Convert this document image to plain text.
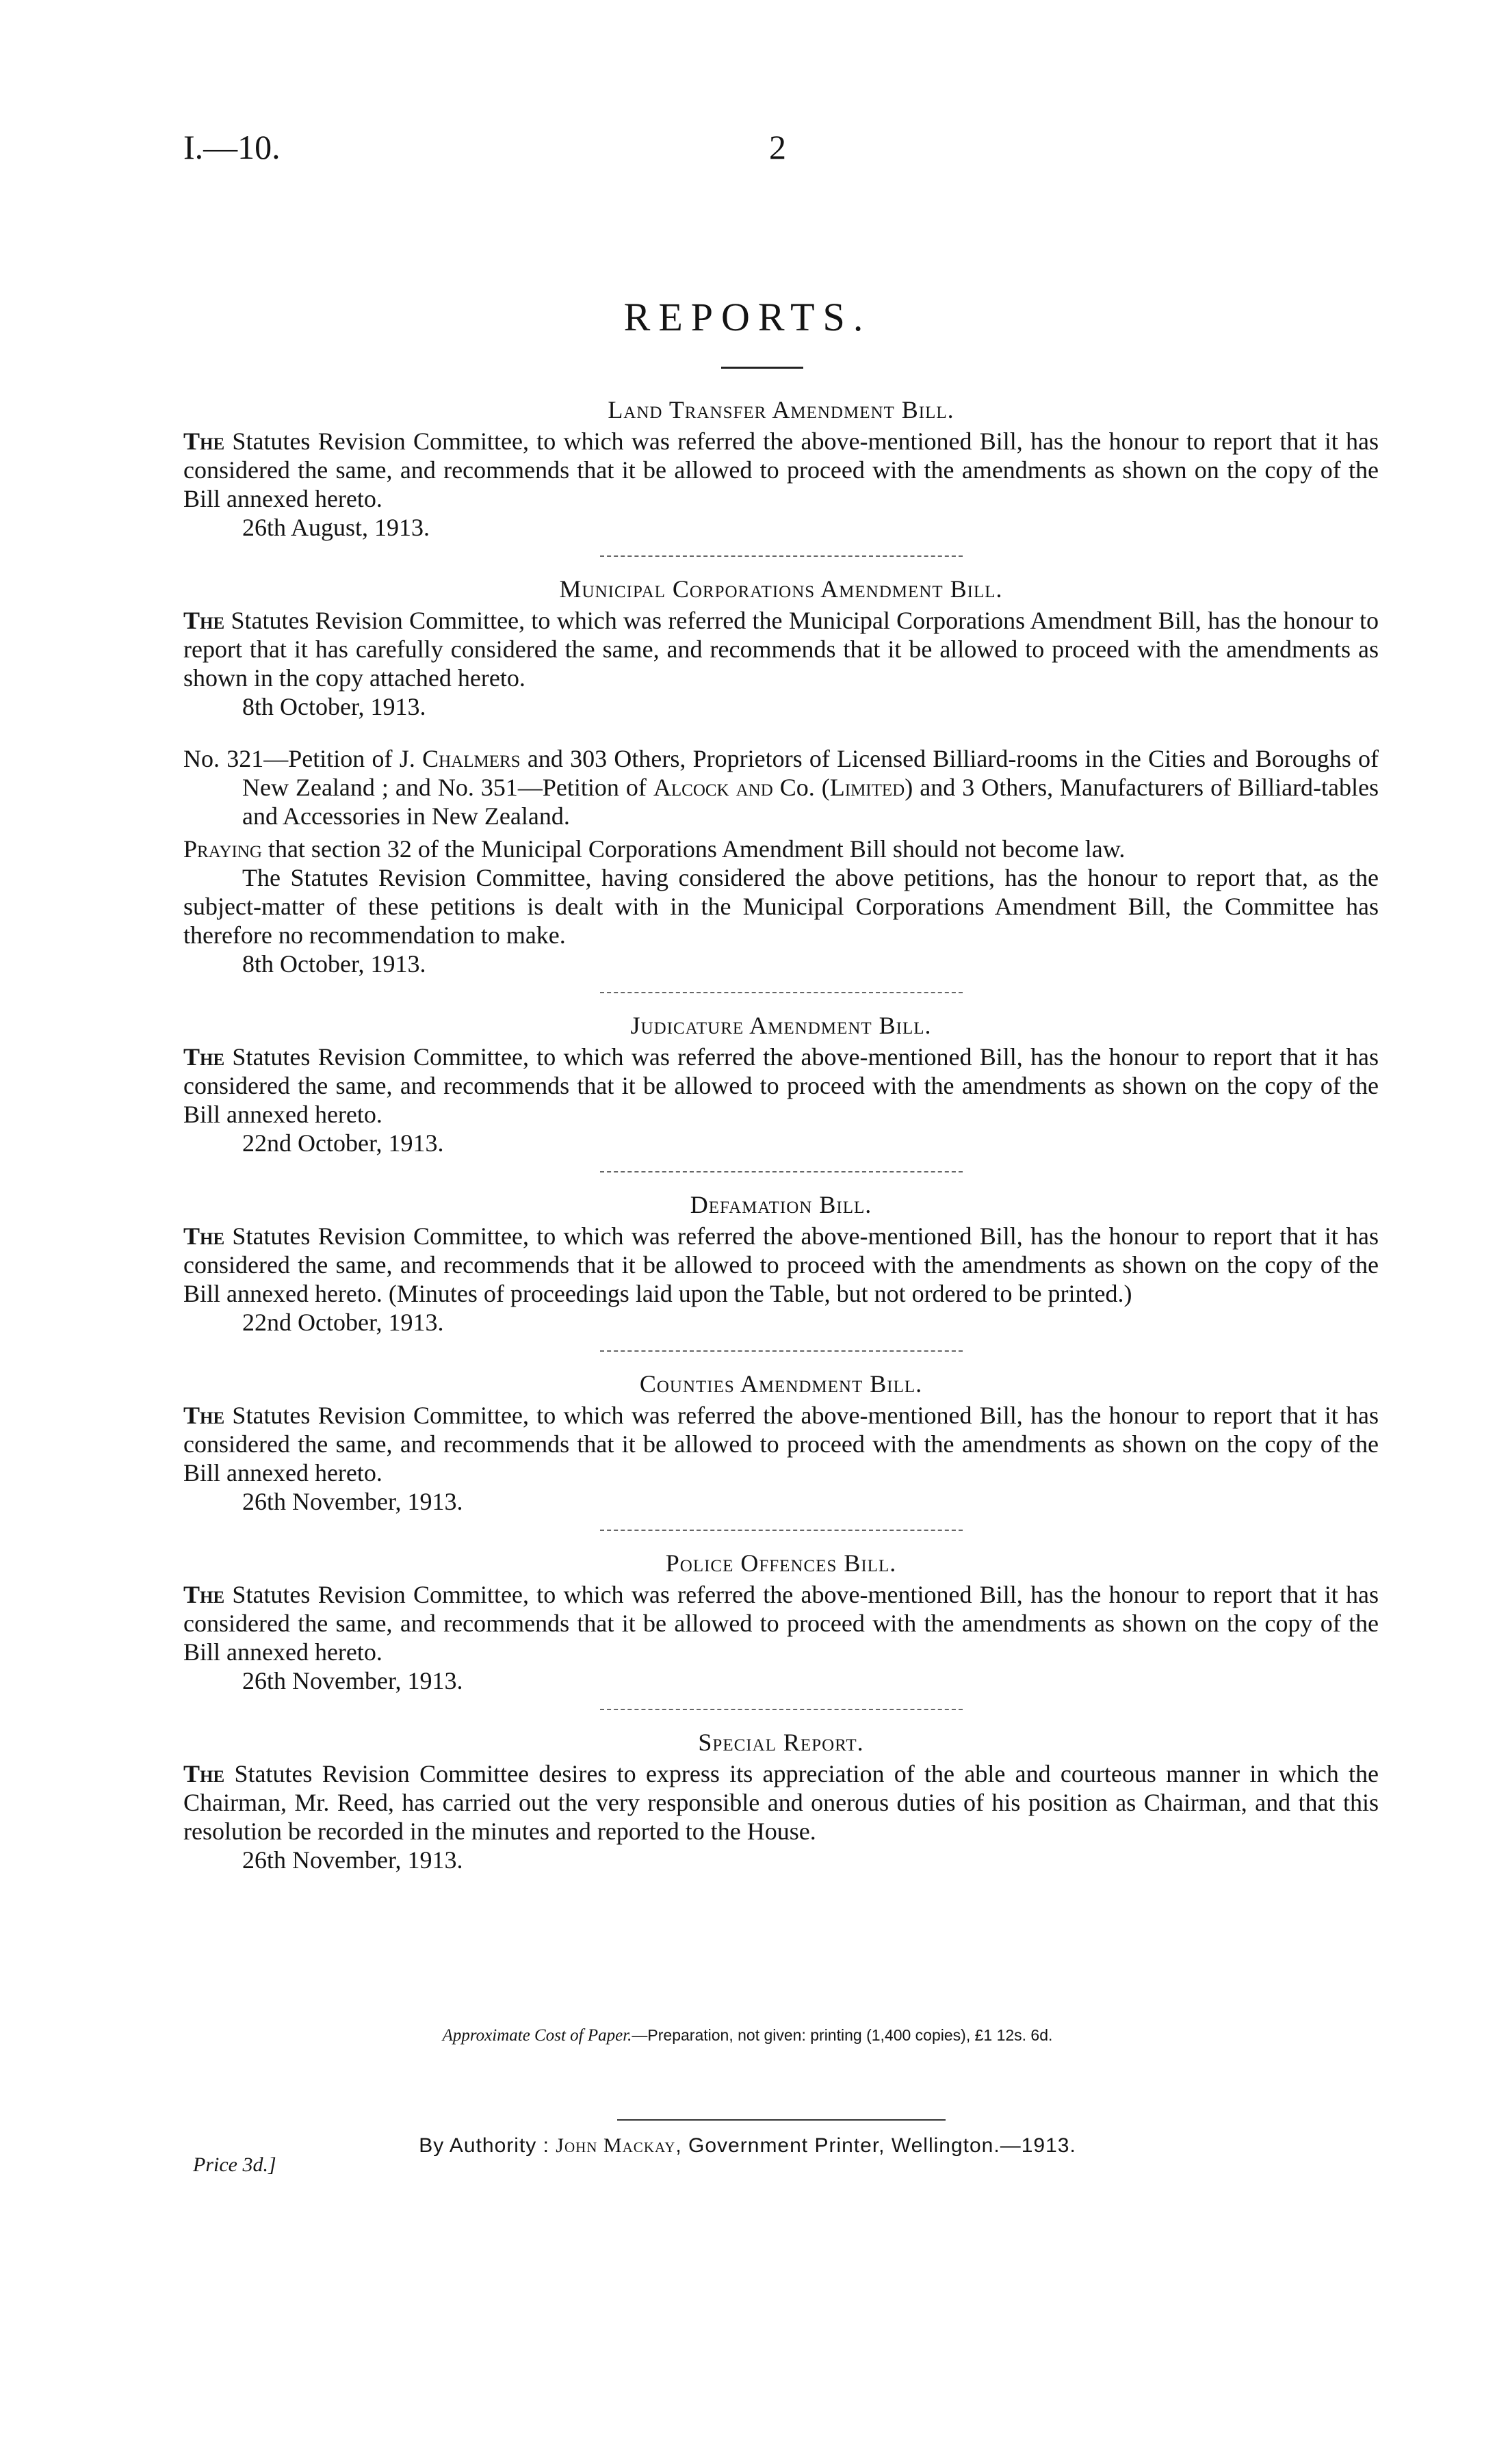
I.—10.	2
REPORTS.

Land Transfer Amendment Bill.

The Statutes Revision Committee, to which was referred the above-mentioned Bill, has the honour to report that it has considered the same, and recommends that it be allowed to proceed with the amendments as shown on the copy of the Bill annexed hereto.

26th August, 1913.

Municipal Corporations Amendment Bill.

The Statutes Revision Committee, to which was referred the Municipal Corporations Amendment Bill, has the honour to report that it has carefully considered the same, and recommends that it be allowed to proceed with the amendments as shown in the copy attached hereto.

8th October, 1913.

No. 321—Petition of J. Chalmers and 303 Others, Proprietors of Licensed Billiard-rooms in the Cities and Boroughs of New Zealand ; and No. 351—Petition of Alcock and Co. (Limited) and 3 Others, Manufacturers of Billiard-tables and Accessories in New Zealand.

Praying that section 32 of the Municipal Corporations Amendment Bill should not become law.

The Statutes Revision Committee, having considered the above petitions, has the honour to report that, as the subject-matter of these petitions is dealt with in the Municipal Corporations Amendment Bill, the Committee has therefore no recommendation to make.

8th October, 1913.

Judicature Amendment Bill.

The Statutes Revision Committee, to which was referred the above-mentioned Bill, has the honour to report that it has considered the same, and recommends that it be allowed to proceed with the amendments as shown on the copy of the Bill annexed hereto.

22nd October, 1913.

Defamation Bill.

The Statutes Revision Committee, to which was referred the above-mentioned Bill, has the honour to report that it has considered the same, and recommends that it be allowed to proceed with the amendments as shown on the copy of the Bill annexed hereto. (Minutes of proceedings laid upon the Table, but not ordered to be printed.)

22nd October, 1913.

Counties Amendment Bill.

The Statutes Revision Committee, to which was referred the above-mentioned Bill, has the honour to report that it has considered the same, and recommends that it be allowed to proceed with the amendments as shown on the copy of the Bill annexed hereto.

26th November, 1913.

Police Offences Bill.

The Statutes Revision Committee, to which was referred the above-mentioned Bill, has the honour to report that it has considered the same, and recommends that it be allowed to proceed with the amendments as shown on the copy of the Bill annexed hereto.

26th November, 1913.

Special Report.

The Statutes Revision Committee desires to express its appreciation of the able and courteous manner in which the Chairman, Mr. Reed, has carried out the very responsible and onerous duties of his position as Chairman, and that this resolution be recorded in the minutes and reported to the House.

26th November, 1913.

Approximate Cost of Paper.—Preparation, not given: printing (1,400 copies), £1 12s. 6d.
By Authority : John Mackay, Government Printer, Wellington.—1913.
Price 3d.]
